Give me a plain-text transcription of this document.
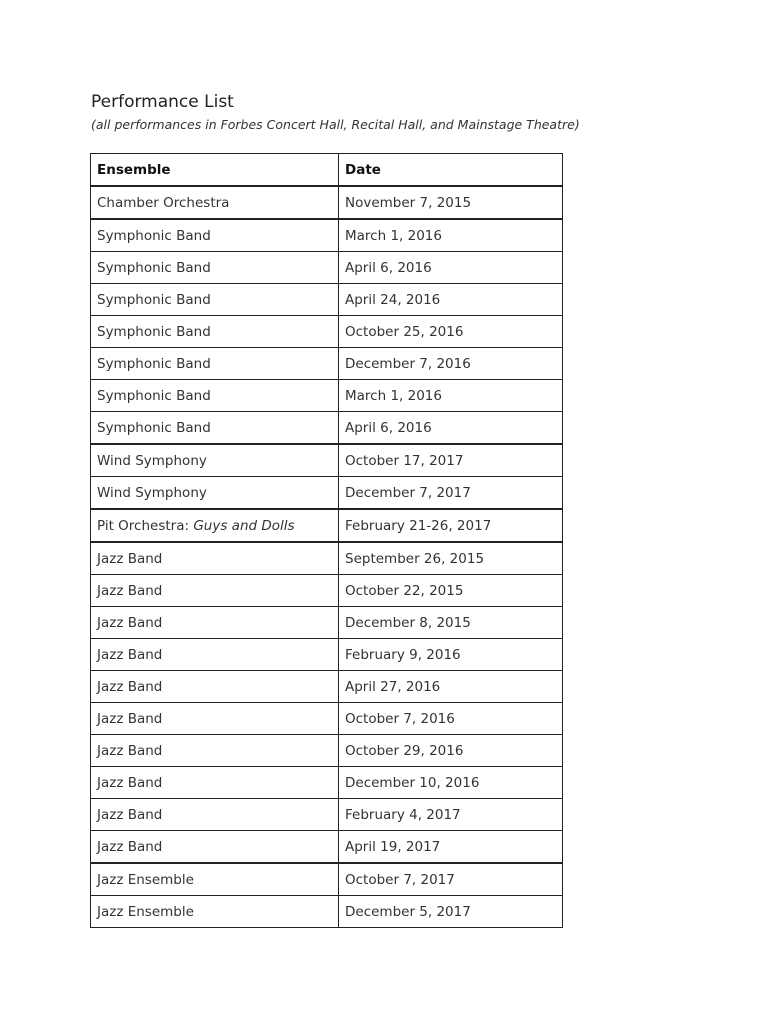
Performance List

(all performances in Forbes Concert Hall, Recital Hall, and Mainstage Theatre)

Ensemble	Date
Chamber Orchestra	November 7, 2015
Symphonic Band	March 1, 2016
Symphonic Band	April 6, 2016
Symphonic Band	April 24, 2016
Symphonic Band	October 25, 2016
Symphonic Band	December 7, 2016
Symphonic Band	March 1, 2016
Symphonic Band	April 6, 2016
Wind Symphony	October 17, 2017
Wind Symphony	December 7, 2017
Pit Orchestra: Guys and Dolls	February 21-26, 2017
Jazz Band	September 26, 2015
Jazz Band	October 22, 2015
Jazz Band	December 8, 2015
Jazz Band	February 9, 2016
Jazz Band	April 27, 2016
Jazz Band	October 7, 2016
Jazz Band	October 29, 2016
Jazz Band	December 10, 2016
Jazz Band	February 4, 2017
Jazz Band	April 19, 2017
Jazz Ensemble	October 7, 2017
Jazz Ensemble	December 5, 2017
